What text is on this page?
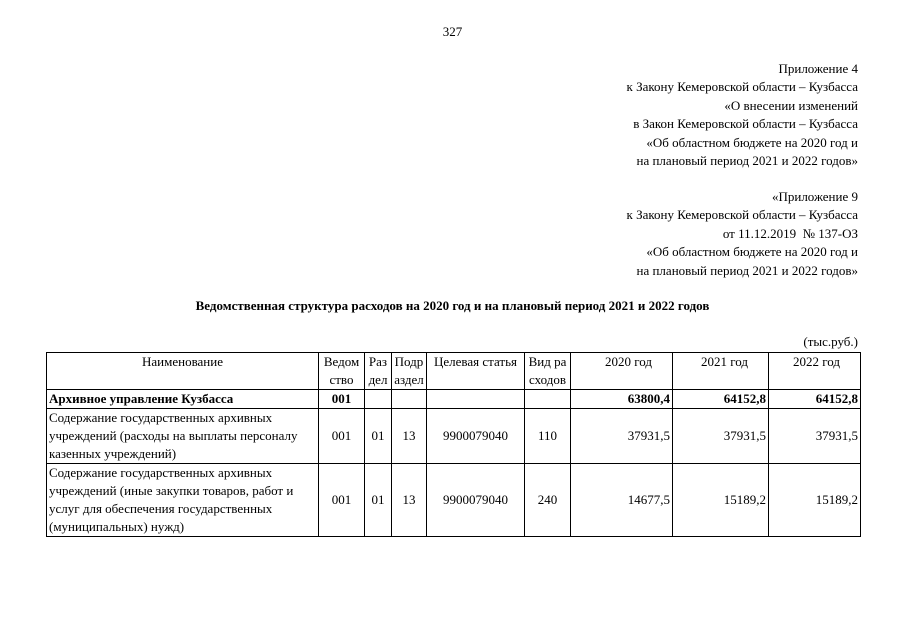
327
Приложение 4
к Закону Кемеровской области – Кузбасса
«О внесении изменений
в Закон Кемеровской области – Кузбасса
«Об областном бюджете на 2020 год и
на плановый период 2021 и 2022 годов»
«Приложение 9
к Закону Кемеровской области – Кузбасса
от 11.12.2019  № 137-ОЗ
«Об областном бюджете на 2020 год и
на плановый период 2021 и 2022 годов»
Ведомственная структура расходов на 2020 год и на плановый период 2021 и 2022 годов
(тыс.руб.)
Наименование	Ведомство	Раздел	Подраздел	Целевая статья	Вид расходов	2020 год	2021 год	2022 год
Архивное управление Кузбасса	001					63800,4	64152,8	64152,8
Содержание государственных архивных учреждений (расходы на выплаты персоналу казенных учреждений)	001	01	13	9900079040	110	37931,5	37931,5	37931,5
Содержание государственных архивных учреждений (иные закупки товаров, работ и услуг для обеспечения государственных (муниципальных) нужд)	001	01	13	9900079040	240	14677,5	15189,2	15189,2
